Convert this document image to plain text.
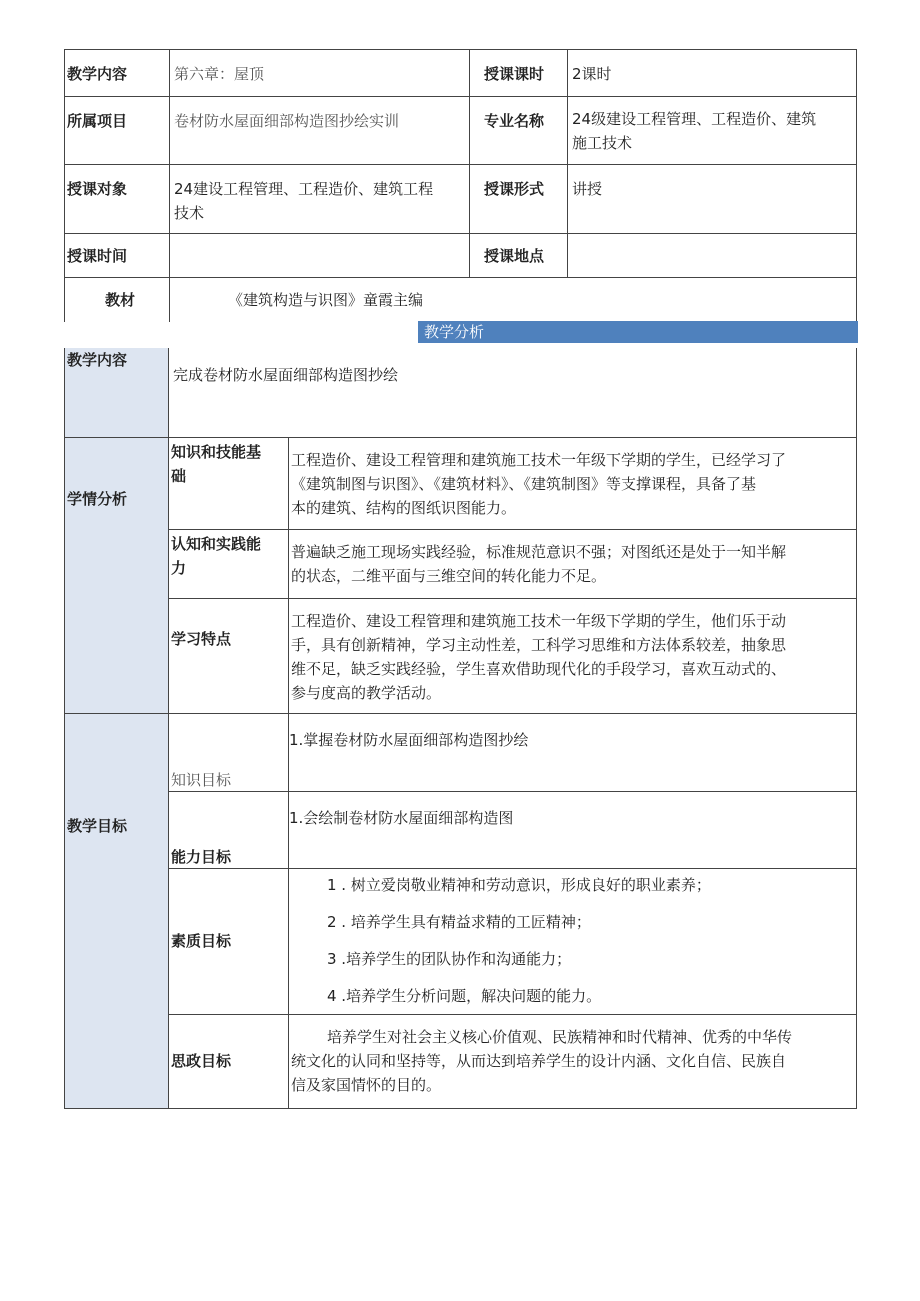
教学内容	第六章：屋顶	授课课时	2课时

所属项目	卷材防水屋面细部构造图抄绘实训	专业名称	24级建设工程管理、工程造价、建筑
施工技术

授课对象	24建设工程管理、工程造价、建筑工程
技术	授课形式	讲授

授课时间		授课地点	

教材	《建筑构造与识图》童霞主编		
教学分析
教学内容	完成卷材防水屋面细部构造图抄绘	

学情分析	知识和技能基
础	工程造价、建设工程管理和建筑施工技术一年级下学期的学生，已经学习了
《建筑制图与识图》、《建筑材料》、《建筑制图》等支撑课程，具备了基
本的建筑、结构的图纸识图能力。

	认知和实践能
力	普遍缺乏施工现场实践经验，标准规范意识不强；对图纸还是处于一知半解
的状态，二维平面与三维空间的转化能力不足。

	学习特点	工程造价、建设工程管理和建筑施工技术一年级下学期的学生，他们乐于动
手，具有创新精神，学习主动性差，工科学习思维和方法体系较差，抽象思
维不足，缺乏实践经验，学生喜欢借助现代化的手段学习，喜欢互动式的、
参与度高的教学活动。

教学目标	知识目标	1.掌握卷材防水屋面细部构造图抄绘

	能力目标	1.会绘制卷材防水屋面细部构造图

	素质目标	1 . 树立爱岗敬业精神和劳动意识，形成良好的职业素养；
2 . 培养学生具有精益求精的工匠精神；
3 .培养学生的团队协作和沟通能力；
4 .培养学生分析问题，解决问题的能力。

	思政目标	培养学生对社会主义核心价值观、民族精神和时代精神、优秀的中华传
统文化的认同和坚持等，从而达到培养学生的设计内涵、文化自信、民族自
信及家国情怀的目的。
